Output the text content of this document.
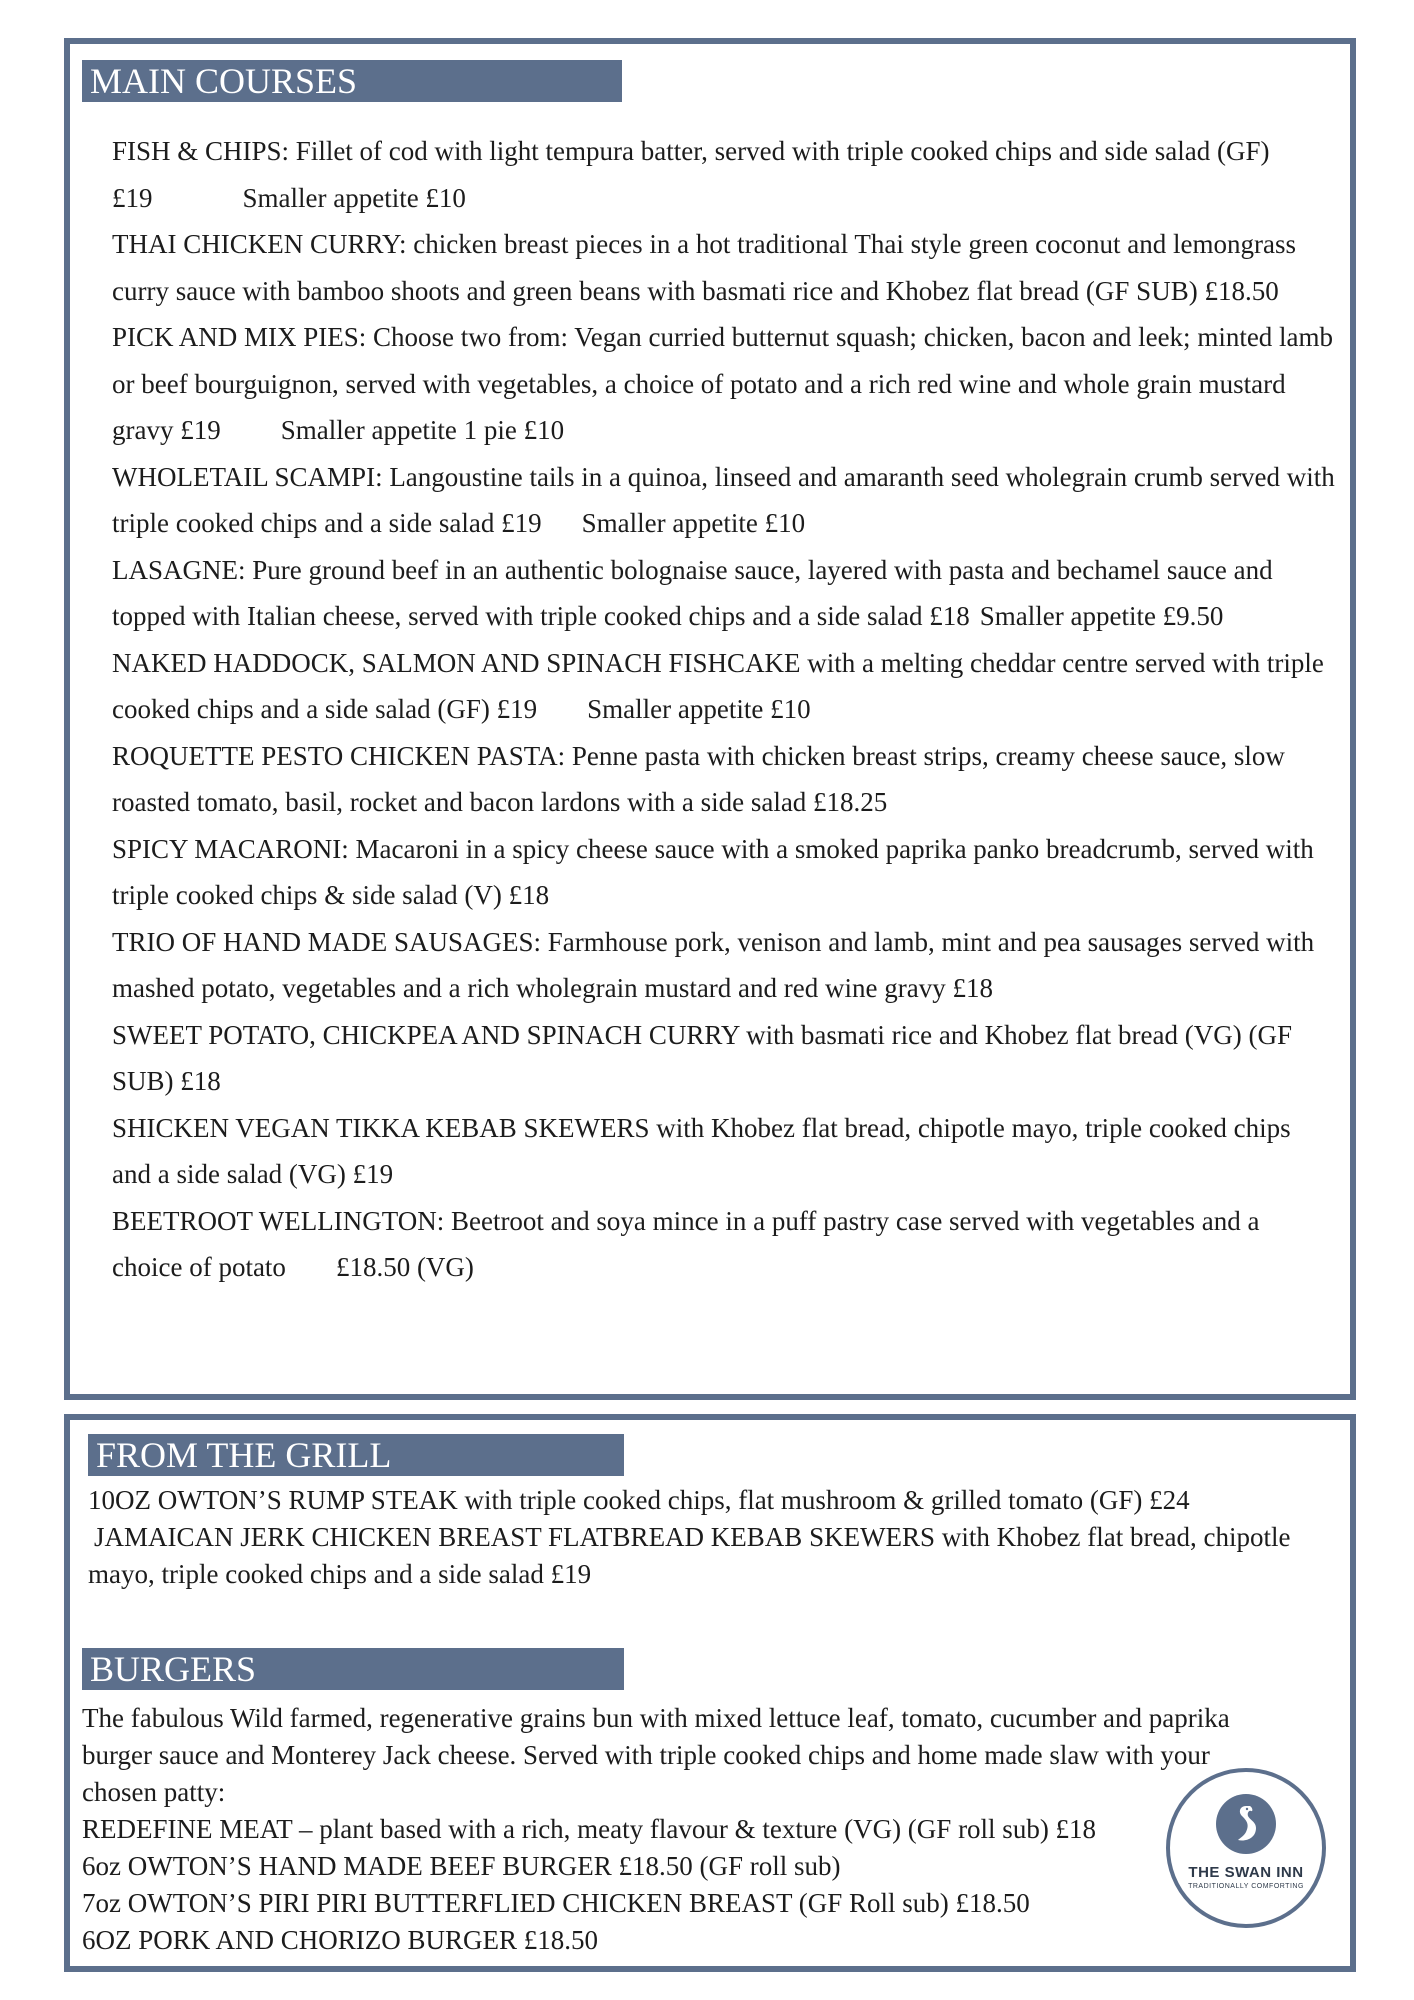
MAIN COURSES

FISH & CHIPS: Fillet of cod with light tempura batter, served with triple cooked chips and side salad (GF)

£19	Smaller appetite £10

THAI CHICKEN CURRY: chicken breast pieces in a hot traditional Thai style green coconut and lemongrass curry sauce with bamboo shoots and green beans with basmati rice and Khobez flat bread (GF SUB) £18.50

PICK AND MIX PIES: Choose two from: Vegan curried butternut squash; chicken, bacon and leek; minted lamb or beef bourguignon, served with vegetables, a choice of potato and a rich red wine and whole grain mustard gravy £19 Smaller appetite 1 pie £10

WHOLETAIL SCAMPI: Langoustine tails in a quinoa, linseed and amaranth seed wholegrain crumb served with triple cooked chips and a side salad £19 Smaller appetite £10

LASAGNE: Pure ground beef in an authentic bolognaise sauce, layered with pasta and bechamel sauce and topped with Italian cheese, served with triple cooked chips and a side salad £18 Smaller appetite £9.50

NAKED HADDOCK, SALMON AND SPINACH FISHCAKE with a melting cheddar centre served with triple cooked chips and a side salad (GF) £19 Smaller appetite £10

ROQUETTE PESTO CHICKEN PASTA: Penne pasta with chicken breast strips, creamy cheese sauce, slow roasted tomato, basil, rocket and bacon lardons with a side salad £18.25

SPICY MACARONI: Macaroni in a spicy cheese sauce with a smoked paprika panko breadcrumb, served with triple cooked chips & side salad (V) £18

TRIO OF HAND MADE SAUSAGES: Farmhouse pork, venison and lamb, mint and pea sausages served with mashed potato, vegetables and a rich wholegrain mustard and red wine gravy £18

SWEET POTATO, CHICKPEA AND SPINACH CURRY with basmati rice and Khobez flat bread (VG) (GF SUB) £18

SHICKEN VEGAN TIKKA KEBAB SKEWERS with Khobez flat bread, chipotle mayo, triple cooked chips and a side salad (VG) £19

BEETROOT WELLINGTON: Beetroot and soya mince in a puff pastry case served with vegetables and a choice of potato £18.50 (VG)

FROM THE GRILL

10OZ OWTON’S RUMP STEAK with triple cooked chips, flat mushroom & grilled tomato (GF) £24

JAMAICAN JERK CHICKEN BREAST FLATBREAD KEBAB SKEWERS with Khobez flat bread, chipotle mayo, triple cooked chips and a side salad £19

BURGERS

The fabulous Wild farmed, regenerative grains bun with mixed lettuce leaf, tomato, cucumber and paprika burger sauce and Monterey Jack cheese. Served with triple cooked chips and home made slaw with your chosen patty:

REDEFINE MEAT – plant based with a rich, meaty flavour & texture (VG) (GF roll sub) £18

6oz OWTON’S HAND MADE BEEF BURGER £18.50 (GF roll sub)

7oz OWTON’S PIRI PIRI BUTTERFLIED CHICKEN BREAST (GF Roll sub) £18.50

6OZ PORK AND CHORIZO BURGER £18.50

THE SWAN INN
TRADITIONALLY COMFORTING
